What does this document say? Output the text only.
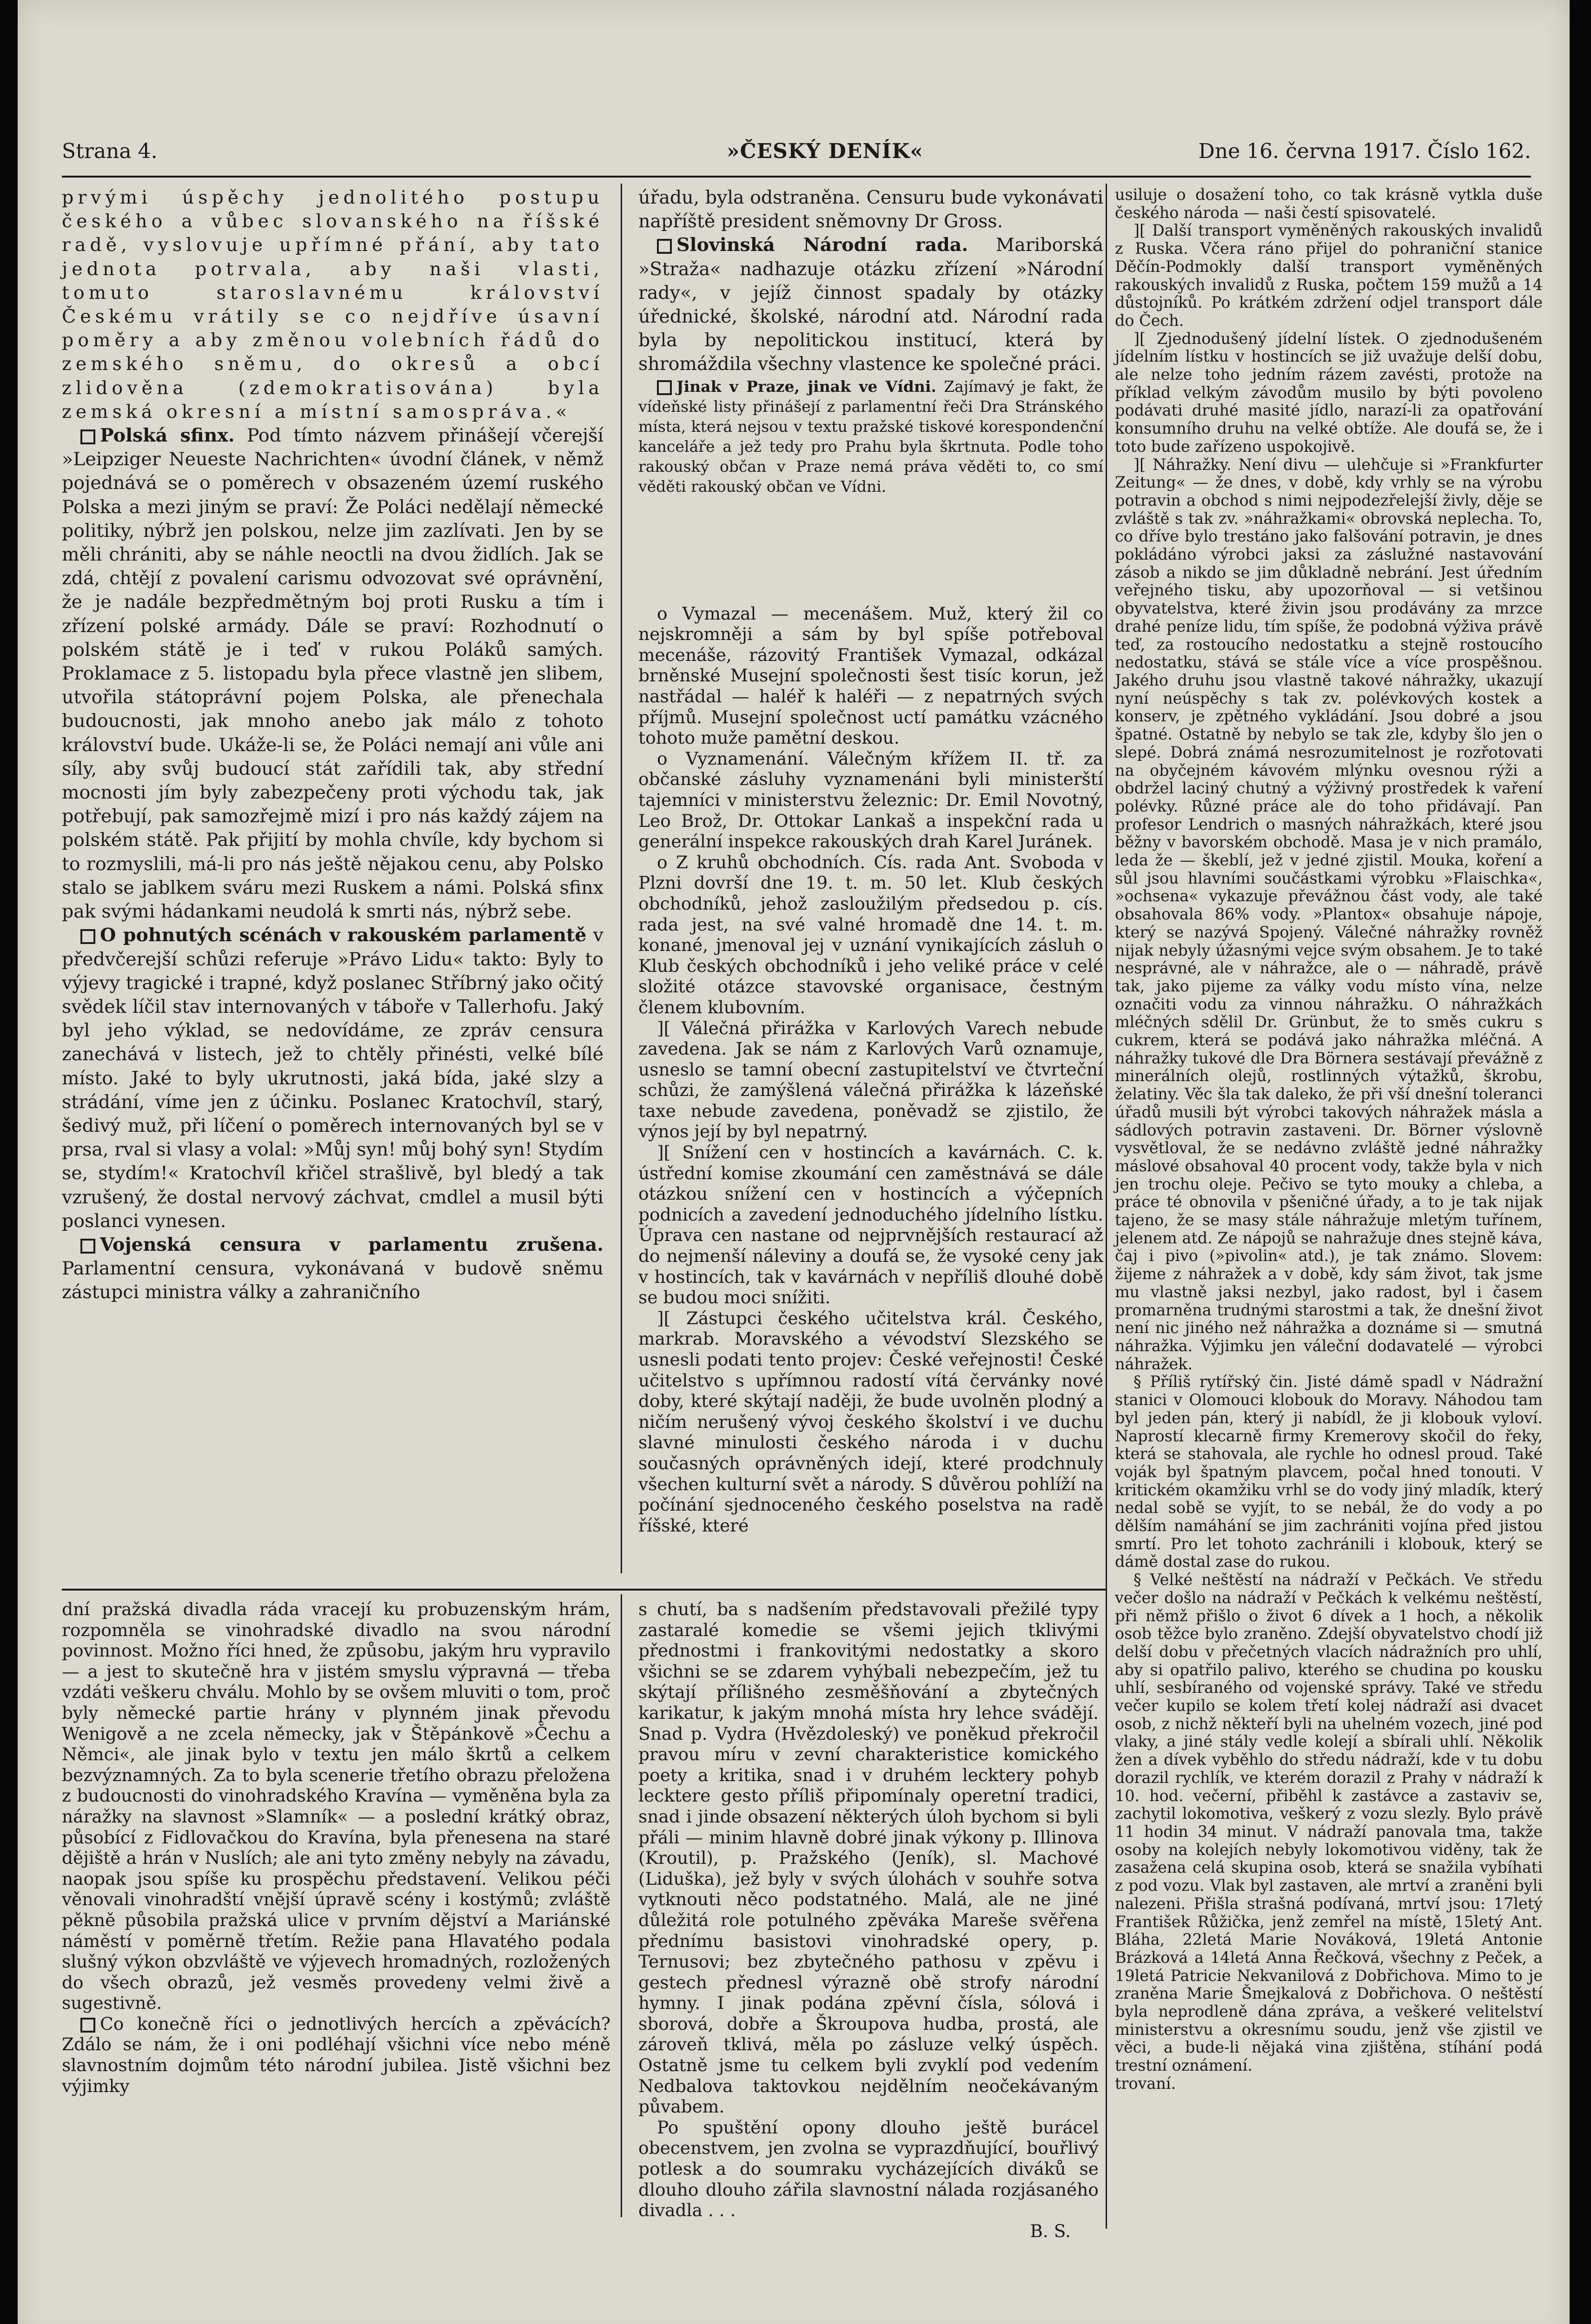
Strana 4.	»ČESKÝ DENÍK«	Dne 16. června 1917. Číslo 162.

prvými úspěchy jednolitého postupu českého a vůbec slovanského na říšské radě, vyslovuje upřímné přání, aby tato jednota potrvala, aby naši vlasti, tomuto staroslavnému království Českému vrátily se co nejdříve úsavní poměry a aby změnou volebních řádů do zemského sněmu, do okresů a obcí zlidověna (zdemokratisována) byla zemská okresní a místní samospráva.«

Polská sfinx. Pod tímto názvem přinášejí včerejší »Leipziger Neueste Nachrichten« úvodní článek, v němž pojednává se o poměrech v obsazeném území ruského Polska a mezi jiným se praví: Že Poláci nedělají německé politiky, nýbrž jen polskou, nelze jim zazlívati. Jen by se měli chrániti, aby se náhle neoctli na dvou židlích. Jak se zdá, chtějí z povalení carismu odvozovat své oprávnění, že je nadále bezpředmětným boj proti Rusku a tím i zřízení polské armády. Dále se praví: Rozhodnutí o polském státě je i teď v rukou Poláků samých. Proklamace z 5. listopadu byla přece vlastně jen slibem, utvořila státoprávní pojem Polska, ale přenechala budoucnosti, jak mnoho anebo jak málo z tohoto království bude. Ukáže-li se, že Poláci nemají ani vůle ani síly, aby svůj budoucí stát zařídili tak, aby střední mocnosti jím byly zabezpečeny proti východu tak, jak potřebují, pak samozřejmě mizí i pro nás každý zájem na polském státě. Pak přijití by mohla chvíle, kdy bychom si to rozmyslili, má-li pro nás ještě nějakou cenu, aby Polsko stalo se jablkem sváru mezi Ruskem a námi. Polská sfinx pak svými hádankami neudolá k smrti nás, nýbrž sebe.

O pohnutých scénách v rakouském parlamentě v předvčerejší schůzi referuje »Právo Lidu« takto: Byly to výjevy tragické i trapné, když poslanec Stříbrný jako očitý svědek líčil stav internovaných v táboře v Tallerhofu. Jaký byl jeho výklad, se nedovídáme, ze zpráv censura zanechává v listech, jež to chtěly přinésti, velké bílé místo. Jaké to byly ukrutnosti, jaká bída, jaké slzy a strádání, víme jen z účinku. Poslanec Kratochvíl, starý, šedivý muž, při líčení o poměrech internovaných byl se v prsa, rval si vlasy a volal: »Můj syn! můj bohý syn! Stydím se, stydím!« Kratochvíl křičel strašlivě, byl bledý a tak vzrušený, že dostal nervový záchvat, cmdlel a musil býti poslanci vynesen.

Vojenská censura v parlamentu zrušena. Parlamentní censura, vykonávaná v budově sněmu zástupci ministra války a zahraničního

úřadu, byla odstraněna. Censuru bude vykonávati napříště president sněmovny Dr Gross.

Slovinská Národní rada. Mariborská »Straža« nadhazuje otázku zřízení »Národní rady«, v jejíž činnost spadaly by otázky úřednické, školské, národní atd. Národní rada byla by nepolitickou institucí, která by shromáždila všechny vlastence ke společné práci.

Jinak v Praze, jinak ve Vídni. Zajímavý je fakt, že vídeňské listy přinášejí z parlamentní řeči Dra Stránského místa, která nejsou v textu pražské tiskové korespondenční kanceláře a jež tedy pro Prahu byla škrtnuta. Podle toho rakouský občan v Praze nemá práva věděti to, co smí věděti rakouský občan ve Vídni.

o Vymazal — mecenášem. Muž, který žil co nejskromněji a sám by byl spíše potřeboval mecenáše, rázovitý František Vymazal, odkázal brněnské Musejní společnosti šest tisíc korun, jež nastřádal — haléř k haléři — z nepatrných svých příjmů. Musejní společnost uctí památku vzácného tohoto muže pamětní deskou.

o Vyznamenání. Válečným křížem II. tř. za občanské zásluhy vyznamenáni byli ministerští tajemníci v ministerstvu železnic: Dr. Emil Novotný, Leo Brož, Dr. Ottokar Lankaš a inspekční rada u generální inspekce rakouských drah Karel Juránek.

o Z kruhů obchodních. Cís. rada Ant. Svoboda v Plzni dovrší dne 19. t. m. 50 let. Klub českých obchodníků, jehož zasloužilým předsedou p. cís. rada jest, na své valné hromadě dne 14. t. m. konané, jmenoval jej v uznání vynikajících zásluh o Klub českých obchodníků i jeho veliké práce v celé složité otázce stavovské organisace, čestným členem klubovním.

][ Válečná přirážka v Karlových Varech nebude zavedena. Jak se nám z Karlových Varů oznamuje, usneslo se tamní obecní zastupitelství ve čtvrteční schůzi, že zamýšlená válečná přirážka k lázeňské taxe nebude zavedena, poněvadž se zjistilo, že výnos její by byl nepatrný.

][ Snížení cen v hostincích a kavárnách. C. k. ústřední komise zkoumání cen zaměstnává se dále otázkou snížení cen v hostincích a výčepních podnicích a zavedení jednoduchého jídelního lístku. Úprava cen nastane od nejprvnějších restaurací až do nejmenší náleviny a doufá se, že vysoké ceny jak v hostincích, tak v kavárnách v nepříliš dlouhé době se budou moci snížiti.

][ Zástupci českého učitelstva král. Českého, markrab. Moravského a vévodství Slezského se usnesli podati tento projev: České veřejnosti! České učitelstvo s upřímnou radostí vítá červánky nové doby, které skýtají naději, že bude uvolněn plodný a ničím nerušený vývoj českého školství i ve duchu slavné minulosti českého národa i v duchu současných oprávněných idejí, které prodchnuly všechen kulturní svět a národy. S důvěrou pohlíží na počínání sjednoceného českého poselstva na radě říšské, které

usiluje o dosažení toho, co tak krásně vytkla duše českého národa — naši čestí spisovatelé.

][ Další transport vyměněných rakouských invalidů z Ruska. Včera ráno přijel do pohraniční stanice Děčín-Podmokly další transport vyměněných rakouských invalidů z Ruska, počtem 159 mužů a 14 důstojníků. Po krátkém zdržení odjel transport dále do Čech.

][ Zjednodušený jídelní lístek. O zjednodušeném jídelním lístku v hostincích se již uvažuje delší dobu, ale nelze toho jedním rázem zavésti, protože na příklad velkým závodům musilo by býti povoleno podávati druhé masité jídlo, narazí-li za opatřování konsumního druhu na velké obtíže. Ale doufá se, že i toto bude zařízeno uspokojivě.

][ Náhražky. Není divu — ulehčuje si »Frankfurter Zeitung« — že dnes, v době, kdy vrhly se na výrobu potravin a obchod s nimi nejpodezřelejší živly, děje se zvláště s tak zv. »náhražkami« obrovská neplecha. To, co dříve bylo trestáno jako falšování potravin, je dnes pokládáno výrobci jaksi za záslužné nastavování zásob a nikdo se jim důkladně nebrání. Jest úředním veřejného tisku, aby upozorňoval — si vetšinou obyvatelstva, které živin jsou prodávány za mrzce drahé peníze lidu, tím spíše, že podobná výživa právě teď, za rostoucího nedostatku a stejně rostoucího nedostatku, stává se stále více a více prospěšnou. Jakého druhu jsou vlastně takové náhražky, ukazují nyní neúspěchy s tak zv. polévkových kostek a konserv, je zpětného vykládání. Jsou dobré a jsou špatné. Ostatně by nebylo se tak zle, kdyby šlo jen o slepé. Dobrá známá nesrozumitelnost je rozřotovati na obyčejném kávovém mlýnku ovesnou rýži a obdržel laciný chutný a výživný prostředek k vaření polévky. Různé práce ale do toho přidávají. Pan profesor Lendrich o masných náhražkách, které jsou běžny v bavorském obchodě. Masa je v nich pramálo, leda že — škeblí, jež v jedné zjistil. Mouka, koření a sůl jsou hlavními součástkami výrobku »Flaischka«, »ochsena« vykazuje převážnou část vody, ale také obsahovala 86% vody. »Plantox« obsahuje nápoje, který se nazývá Spojený. Válečné náhražky rovněž nijak nebyly úžasnými vejce svým obsahem. Je to také nesprávné, ale v náhražce, ale o — náhradě, právě tak, jako pijeme za války vodu místo vína, nelze označiti vodu za vinnou náhražku. O náhražkách mléčných sdělil Dr. Grünbut, že to směs cukru s cukrem, která se podává jako náhražka mléčná. A náhražky tukové dle Dra Börnera sestávají převážně z minerálních olejů, rostlinných výtažků, škrobu, želatiny. Věc šla tak daleko, že při vší dnešní toleranci úřadů musili být výrobci takových náhražek másla a sádlových potravin zastaveni. Dr. Börner výslovně vysvětloval, že se nedávno zvláště jedné náhražky máslové obsahoval 40 procent vody, takže byla v nich jen trochu oleje. Pečivo se tyto mouky a chleba, a práce té obnovila v pšeničné úřady, a to je tak nijak tajeno, že se masy stále náhražuje mletým tuřínem, jelenem atd. Ze nápojů se nahražuje dnes stejně káva, čaj i pivo (»pivolin« atd.), je tak známo. Slovem: žijeme z náhražek a v době, kdy sám život, tak jsme mu vlastně jaksi nezbyl, jako radost, byl i časem promarněna trudnými starostmi a tak, že dnešní život není nic jiného než náhražka a doznáme si — smutná náhražka. Výjimku jen váleční dodavatelé — výrobci náhražek.

§ Příliš rytířský čin. Jisté dámě spadl v Nádražní stanici v Olomouci klobouk do Moravy. Náhodou tam byl jeden pán, který ji nabídl, že ji klobouk vyloví. Naprostí klecarně firmy Kremerovy skočil do řeky, která se stahovala, ale rychle ho odnesl proud. Také voják byl špatným plavcem, počal hned tonouti. V kritickém okamžiku vrhl se do vody jiný mladík, který nedal sobě se vyjít, to se nebál, že do vody a po dělším namáhání se jim zachrániti vojína před jistou smrtí. Pro let tohoto zachránili i klobouk, který se dámě dostal zase do rukou.

§ Velké neštěstí na nádraží v Pečkách. Ve středu večer došlo na nádraží v Pečkách k velkému neštěstí, při němž přišlo o život 6 dívek a 1 hoch, a několik osob těžce bylo zraněno. Zdejší obyvatelstvo chodí již delší dobu v přečetných vlacích nádražních pro uhlí, aby si opatřilo palivo, kterého se chudina po kousku uhlí, sesbíraného od vojenské správy. Také ve středu večer kupilo se kolem třetí kolej nádraží asi dvacet osob, z nichž někteří byli na uhelném vozech, jiné pod vlaky, a jiné stály vedle kolejí a sbírali uhlí. Několik žen a dívek vyběhlo do středu nádraží, kde v tu dobu dorazil rychlík, ve kterém dorazil z Prahy v nádraží k 10. hod. večerní, přiběhl k zastávce a zastaviv se, zachytil lokomotiva, veškerý z vozu slezly. Bylo právě 11 hodin 34 minut. V nádraží panovala tma, takže osoby na kolejích nebyly lokomotivou viděny, tak že zasažena celá skupina osob, která se snažila vybíhati z pod vozu. Vlak byl zastaven, ale mrtví a zraněni byli nalezeni. Přišla strašná podívaná, mrtví jsou: 17letý František Růžička, jenž zemřel na místě, 15letý Ant. Bláha, 22letá Marie Nováková, 19letá Antonie Brázková a 14letá Anna Řečková, všechny z Peček, a 19letá Patricie Nekvanilová z Dobřichova. Mimo to je zraněna Marie Šmejkalová z Dobřichova. O neštěstí byla neprodleně dána zpráva, a veškeré velitelství ministerstvu a okresnímu soudu, jenž vše zjistil ve věci, a bude-li nějaká vina zjištěna, stíhání podá trestní oznámení.

trovaní.

dní pražská divadla ráda vracejí ku probuzenským hrám, rozpomněla se vinohradské divadlo na svou národní povinnost. Možno říci hned, že způsobu, jakým hru vypravilo — a jest to skutečně hra v jistém smyslu výpravná — třeba vzdáti veškeru chválu. Mohlo by se ovšem mluviti o tom, proč byly německé partie hrány v plynném jinak převodu Wenigově a ne zcela německy, jak v Štěpánkově »Čechu a Němci«, ale jinak bylo v textu jen málo škrtů a celkem bezvýznamných. Za to byla scenerie třetího obrazu přeložena z budoucnosti do vinohradského Kravína — vyměněna byla za náražky na slavnost »Slamník« — a poslední krátký obraz, působící z Fidlovačkou do Kravína, byla přenesena na staré dějiště a hrán v Nuslích; ale ani tyto změny nebyly na závadu, naopak jsou spíše ku prospěchu představení. Velikou péči věnovali vinohradští vnější úpravě scény i kostýmů; zvláště pěkně působila pražská ulice v prvním dějství a Mariánské náměstí v poměrně třetím. Režie pana Hlavatého podala slušný výkon obzvláště ve výjevech hromadných, rozložených do všech obrazů, jež vesměs provedeny velmi živě a sugestivně.

Co konečně říci o jednotlivých hercích a zpěvácích? Zdálo se nám, že i oni podléhají všichni více nebo méně slavnostním dojmům této národní jubilea. Jistě všichni bez výjimky

s chutí, ba s nadšením představovali přežilé typy zastaralé komedie se všemi jejich tklivými přednostmi i frankovitými nedostatky a skoro všichni se se zdarem vyhýbali nebezpečím, jež tu skýtají přílišného zesměšňování a zbytečných karikatur, k jakým mnohá místa hry lehce svádějí. Snad p. Vydra (Hvězdoleský) ve poněkud překročil pravou míru v zevní charakteristice komického poety a kritika, snad i v druhém lecktery pohyb lecktere gesto příliš připomínaly operetní tradici, snad i jinde obsazení některých úloh bychom si byli přáli — minim hlavně dobré jinak výkony p. Illinova (Kroutil), p. Pražského (Jeník), sl. Machové (Liduška), jež byly v svých úlohách v souhře sotva vytknouti něco podstatného. Malá, ale ne jiné důležitá role potulného zpěváka Mareše svěřena přednímu basistovi vinohradské opery, p. Ternusovi; bez zbytečného pathosu v zpěvu i gestech přednesl výrazně obě strofy národní hymny. I jinak podána zpěvní čísla, sólová i sborová, dobře a Škroupova hudba, prostá, ale zároveň tklivá, měla po zásluze velký úspěch. Ostatně jsme tu celkem byli zvyklí pod vedením Nedbalova taktovkou nejdělním neočekávaným půvabem.

Po spuštění opony dlouho ještě burácel obecenstvem, jen zvolna se vyprazdňující, bouřlivý potlesk a do soumraku vycházejících diváků se dlouho dlouho zářila slavnostní nálada rozjásaného divadla . . .

B. S.
